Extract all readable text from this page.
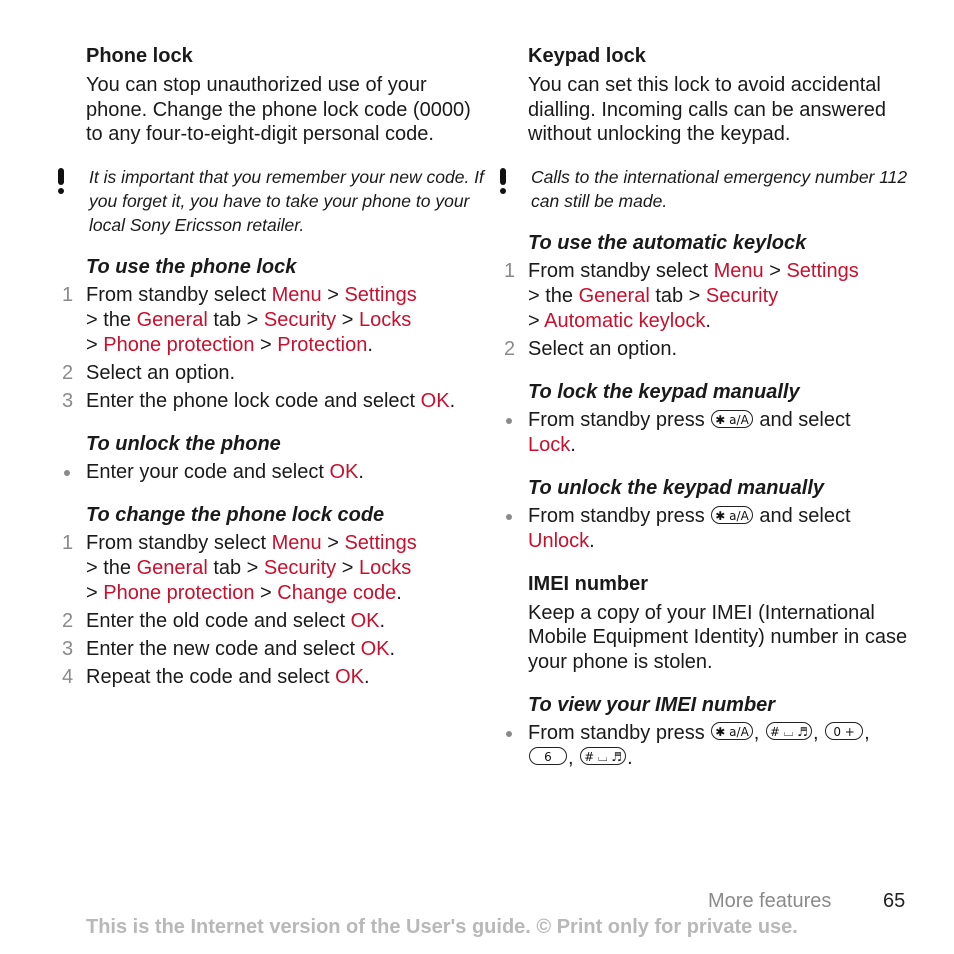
Phone lock

You can stop unauthorized use of your phone. Change the phone lock code (0000) to any four-to-eight-digit personal code.

It is important that you remember your new code. If you forget it, you have to take your phone to your local Sony Ericsson retailer.

To use the phone lock

1 From standby select Menu > Settings
> the General tab > Security > Locks
> Phone protection > Protection.

2 Select an option.

3 Enter the phone lock code and select OK.

To unlock the phone

Enter your code and select OK.

To change the phone lock code

1 From standby select Menu > Settings
> the General tab > Security > Locks
> Phone protection > Change code.

2 Enter the old code and select OK.

3 Enter the new code and select OK.

4 Repeat the code and select OK.

Keypad lock

You can set this lock to avoid accidental dialling. Incoming calls can be answered without unlocking the keypad.

Calls to the international emergency number 112 can still be made.

To use the automatic keylock

1 From standby select Menu > Settings
> the General tab > Security
> Automatic keylock.

2 Select an option.

To lock the keypad manually

From standby press ✱ a/A and select
Lock.

To unlock the keypad manually

From standby press ✱ a/A and select
Unlock.

IMEI number

Keep a copy of your IMEI (International Mobile Equipment Identity) number in case your phone is stolen.

To view your IMEI number

From standby press ✱ a/A , # ⌴ ♬ , 0 + ,
6 , # ⌴ ♬ .

More features	65
This is the Internet version of the User's guide. © Print only for private use.
